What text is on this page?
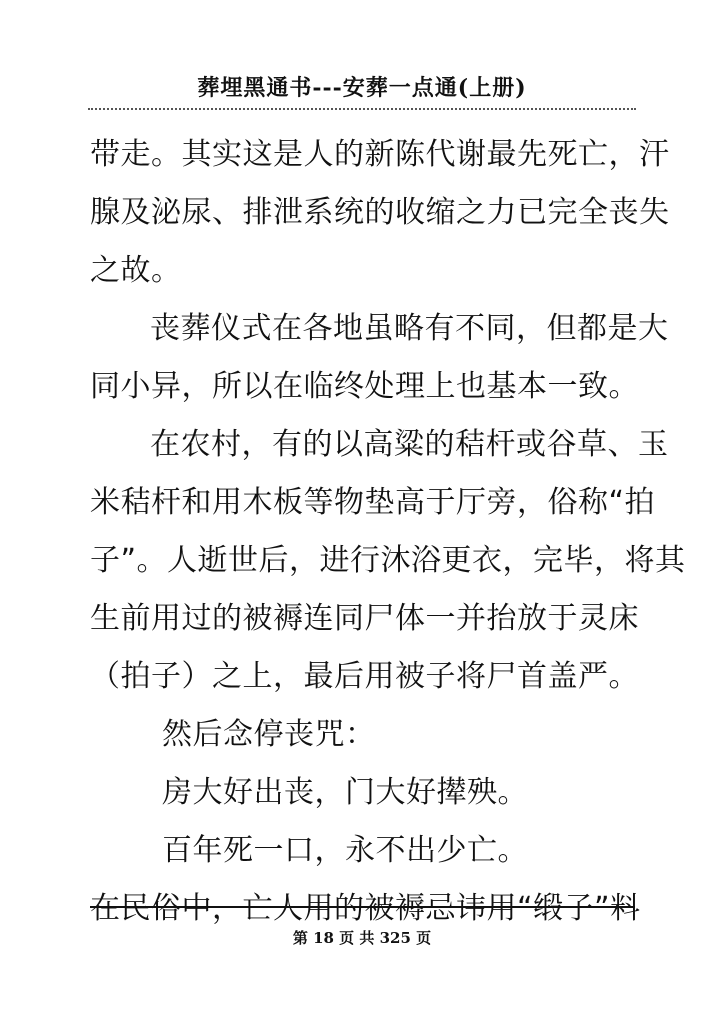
葬埋黑通书---安葬一点通(上册)
带走。其实这是人的新陈代谢最先死亡，汗
腺及泌尿、排泄系统的收缩之力已完全丧失
之故。
丧葬仪式在各地虽略有不同，但都是大
同小异，所以在临终处理上也基本一致。
在农村，有的以高粱的秸杆或谷草、玉
米秸杆和用木板等物垫高于厅旁，俗称“拍
子”。人逝世后，进行沐浴更衣，完毕，将其
生前用过的被褥连同尸体一并抬放于灵床
（拍子）之上，最后用被子将尸首盖严。
然后念停丧咒：
房大好出丧，门大好撵殃。
百年死一口，永不出少亡。
在民俗中，亡人用的被褥忌讳用“缎子”料
第 18 页 共 325 页
